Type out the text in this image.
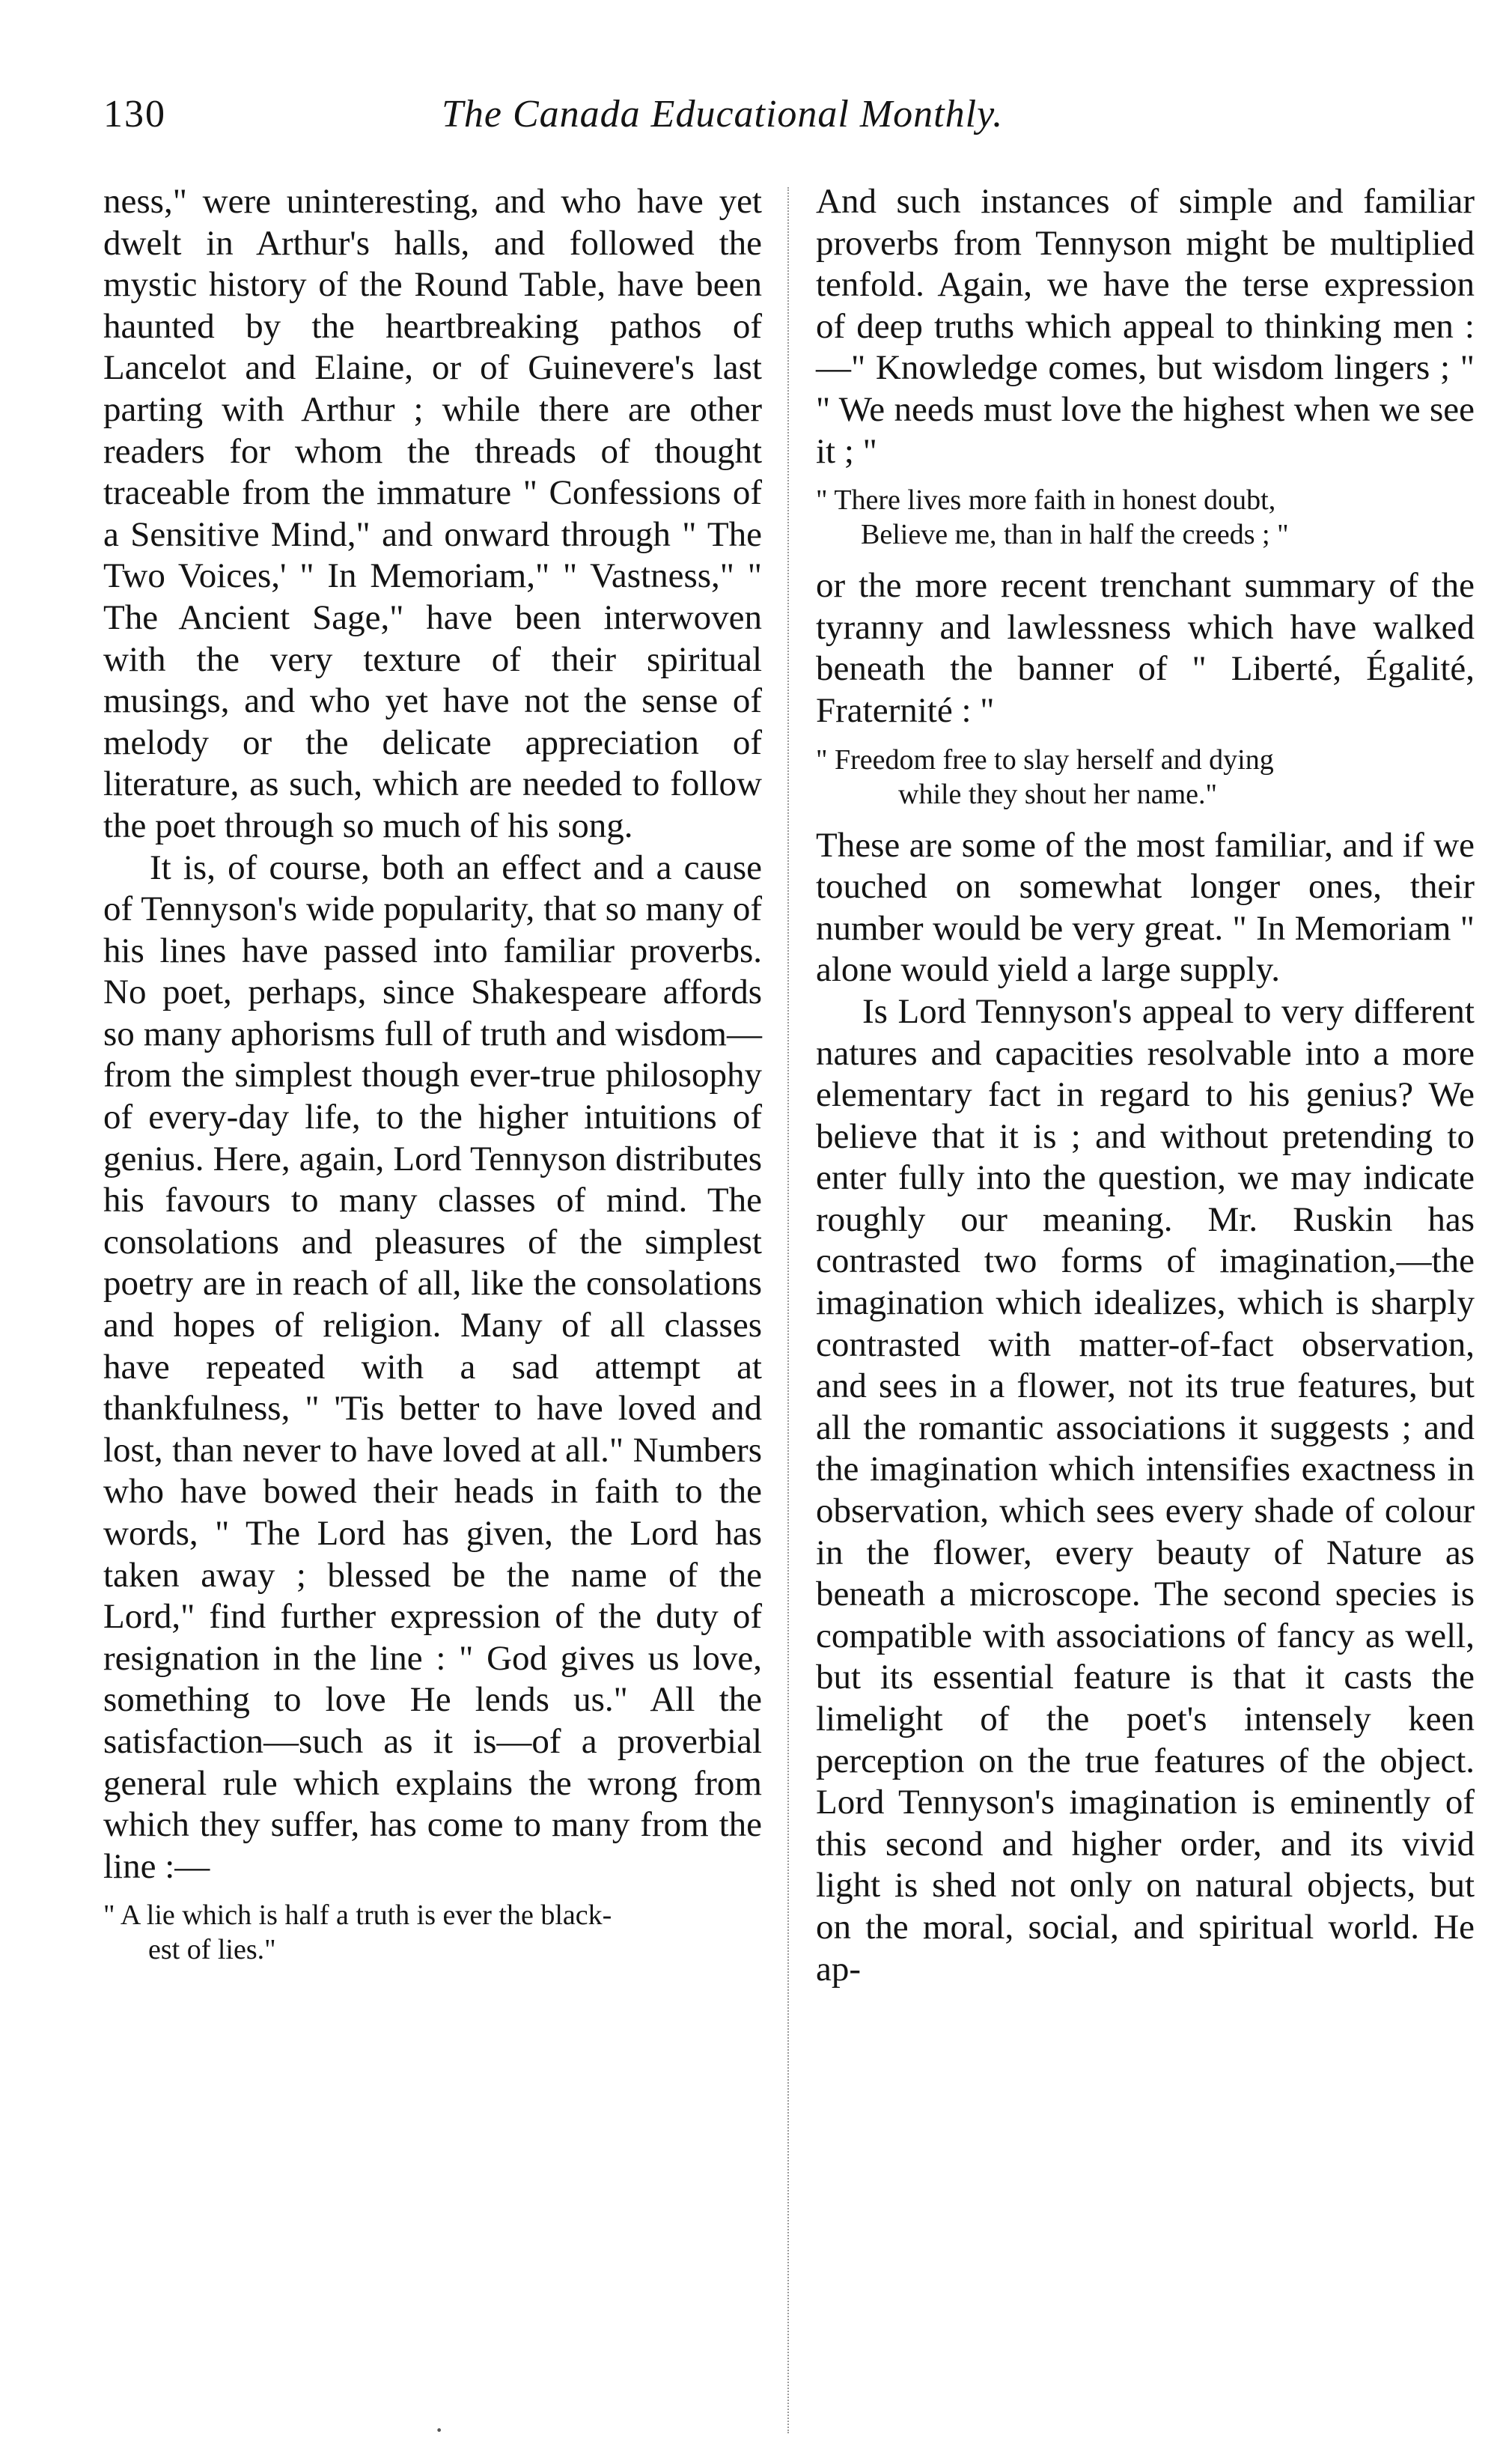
130	The Canada Educational Monthly.

ness," were uninteresting, and who have yet dwelt in Arthur's halls, and followed the mystic history of the Round Table, have been haunted by the heartbreaking pathos of Lancelot and Elaine, or of Guinevere's last parting with Arthur ; while there are other readers for whom the threads of thought traceable from the immature " Confessions of a Sensitive Mind," and onward through " The Two Voices,' " In Memoriam," " Vastness," " The Ancient Sage," have been interwoven with the very texture of their spiritual musings, and who yet have not the sense of melody or the delicate appreciation of literature, as such, which are needed to follow the poet through so much of his song.

It is, of course, both an effect and a cause of Tennyson's wide popularity, that so many of his lines have passed into familiar proverbs. No poet, perhaps, since Shakespeare affords so many aphorisms full of truth and wisdom—from the simplest though ever-true philosophy of every-day life, to the higher intuitions of genius. Here, again, Lord Tennyson distributes his favours to many classes of mind. The consolations and pleasures of the simplest poetry are in reach of all, like the consolations and hopes of religion. Many of all classes have repeated with a sad attempt at thankfulness, " 'Tis better to have loved and lost, than never to have loved at all." Numbers who have bowed their heads in faith to the words, " The Lord has given, the Lord has taken away ; blessed be the name of the Lord," find further expression of the duty of resignation in the line : " God gives us love, something to love He lends us." All the satisfaction—such as it is—of a proverbial general rule which explains the wrong from which they suffer, has come to many from the line :—

" A lie which is half a truth is ever the black-
est of lies."

And such instances of simple and familiar proverbs from Tennyson might be multiplied tenfold. Again, we have the terse expression of deep truths which appeal to thinking men : —" Knowledge comes, but wisdom lingers ; " " We needs must love the highest when we see it ; "

" There lives more faith in honest doubt,
Believe me, than in half the creeds ; "

or the more recent trenchant summary of the tyranny and lawlessness which have walked beneath the banner of " Liberté, Égalité, Fraternité : "

" Freedom free to slay herself and dying
while they shout her name."

These are some of the most familiar, and if we touched on somewhat longer ones, their number would be very great. " In Memoriam " alone would yield a large supply.

Is Lord Tennyson's appeal to very different natures and capacities resolvable into a more elementary fact in regard to his genius? We believe that it is ; and without pretending to enter fully into the question, we may indicate roughly our meaning. Mr. Ruskin has contrasted two forms of imagination,—the imagination which idealizes, which is sharply contrasted with matter-of-fact observation, and sees in a flower, not its true features, but all the romantic associations it suggests ; and the imagination which intensifies exactness in observation, which sees every shade of colour in the flower, every beauty of Nature as beneath a microscope. The second species is compatible with associations of fancy as well, but its essential feature is that it casts the limelight of the poet's intensely keen perception on the true features of the object. Lord Tennyson's imagination is eminently of this second and higher order, and its vivid light is shed not only on natural objects, but on the moral, social, and spiritual world. He ap-

·
